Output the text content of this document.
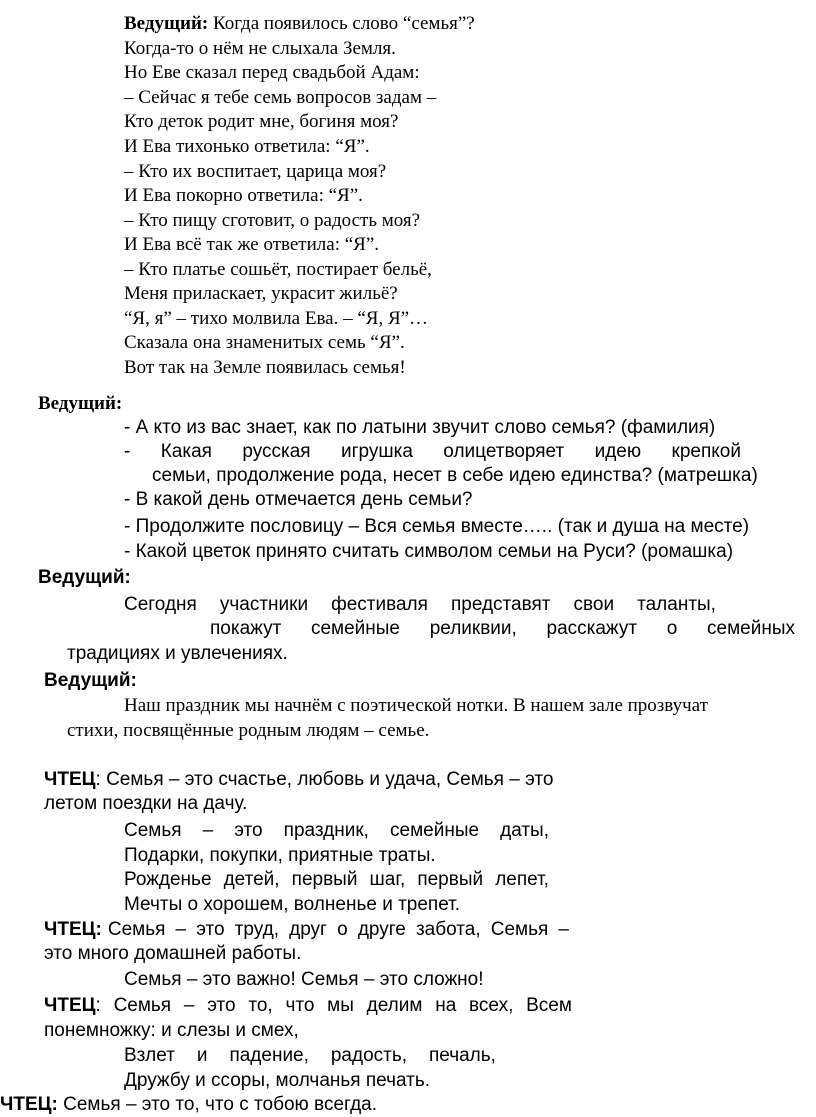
Ведущий: Когда появилось слово “семья”?
Когда-то о нём не слыхала Земля.
Но Еве сказал перед свадьбой Адам:
– Сейчас я тебе семь вопросов задам –
Кто деток родит мне, богиня моя?
И Ева тихонько ответила: “Я”.
– Кто их воспитает, царица моя?
И Ева покорно ответила: “Я”.
– Кто пищу сготовит, о радость моя?
И Ева всё так же ответила: “Я”.
– Кто платье сошьёт, постирает бельё,
Меня приласкает, украсит жильё?
“Я, я” – тихо молвила Ева. – “Я, Я”…
Сказала она знаменитых семь “Я”.
Вот так на Земле появилась семья!
Ведущий:
- А кто из вас знает, как по латыни звучит слово семья? (фамилия)
- Какая русская игрушка олицетворяет идею крепкой
семьи, продолжение рода, несет в себе идею единства? (матрешка)
- В какой день отмечается день семьи?
- Продолжите пословицу – Вся семья вместе….. (так и душа на месте)
- Какой цветок принято считать символом семьи на Руси? (ромашка)
Ведущий:
Сегодня участники фестиваля представят свои таланты,
покажут семейные реликвии, расскажут о семейных
традициях и увлечениях.
Ведущий:
Наш праздник мы начнём с поэтической нотки. В нашем зале прозвучат
стихи, посвящённые родным людям – семье.
ЧТЕЦ: Семья – это счастье, любовь и удача, Семья – это
летом поездки на дачу.
Семья – это праздник, семейные даты,
Подарки, покупки, приятные траты.
Рожденье детей, первый шаг, первый лепет,
Мечты о хорошем, волненье и трепет.
ЧТЕЦ: Семья – это труд, друг о друге забота, Семья –
это много домашней работы.
Семья – это важно! Семья – это сложно!
ЧТЕЦ : Семья – это то, что мы делим на всех, Всем
понемножку: и слезы и смех,
Взлет и падение, радость, печаль,
Дружбу и ссоры, молчанья печать.
ЧТЕЦ: Семья – это то, что с тобою всегда.
